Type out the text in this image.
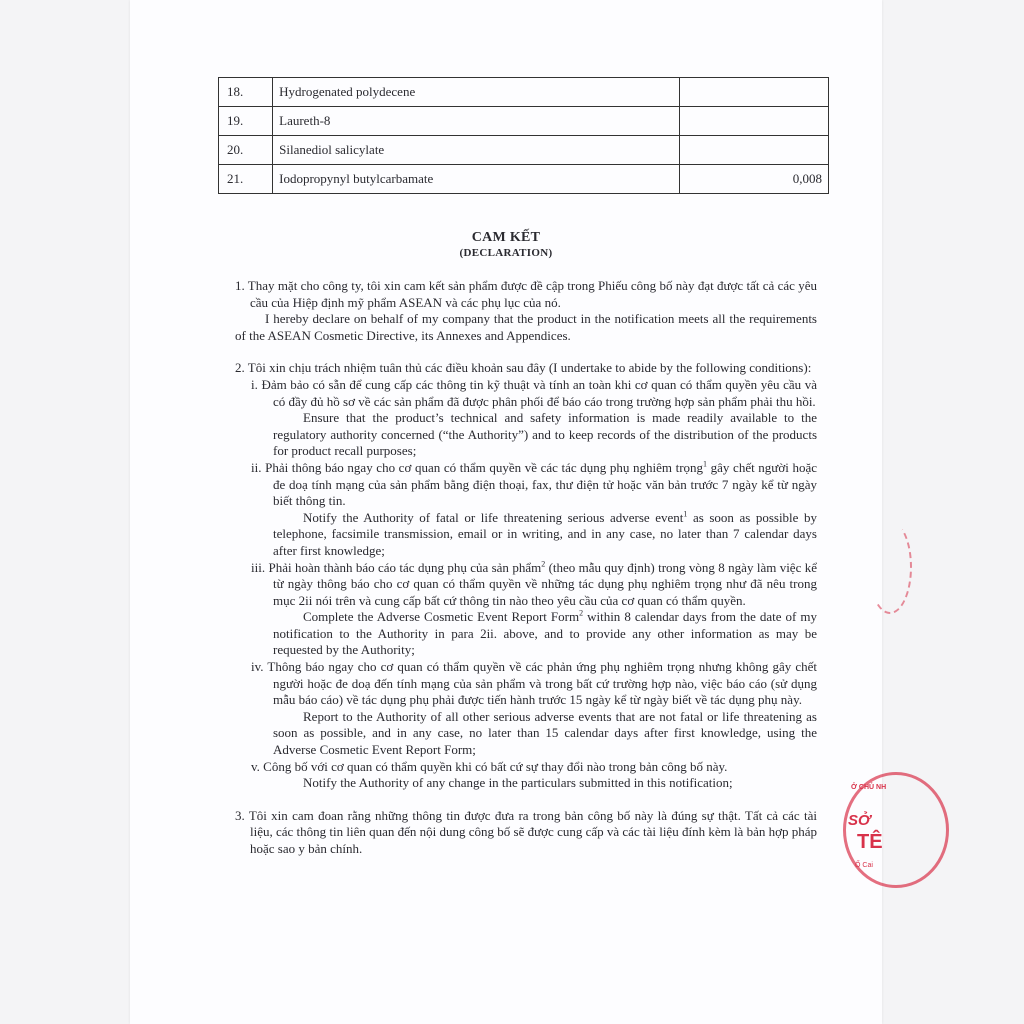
18.	Hydrogenated polydecene	
19.	Laureth-8	
20.	Silanediol salicylate	
21.	Iodopropynyl butylcarbamate	0,008
CAM KẾT
(DECLARATION)

1. Thay mặt cho công ty, tôi xin cam kết sản phẩm được đề cập trong Phiếu công bố này đạt được tất cả các yêu cầu của Hiệp định mỹ phẩm ASEAN và các phụ lục của nó.

I hereby declare on behalf of my company that the product in the notification meets all the requirements of the ASEAN Cosmetic Directive, its Annexes and Appendices.

2. Tôi xin chịu trách nhiệm tuân thủ các điều khoản sau đây (I undertake to abide by the following conditions):

i. Đảm bảo có sẵn để cung cấp các thông tin kỹ thuật và tính an toàn khi cơ quan có thẩm quyền yêu cầu và có đầy đủ hồ sơ về các sản phẩm đã được phân phối để báo cáo trong trường hợp sản phẩm phải thu hồi.

Ensure that the product’s technical and safety information is made readily available to the regulatory authority concerned (“the Authority”) and to keep records of the distribution of the products for product recall purposes;

ii. Phải thông báo ngay cho cơ quan có thẩm quyền về các tác dụng phụ nghiêm trọng$^1$ gây chết người hoặc đe doạ tính mạng của sản phẩm bằng điện thoại, fax, thư điện tử hoặc văn bản trước 7 ngày kể từ ngày biết thông tin.

Notify the Authority of fatal or life threatening serious adverse event$^1$ as soon as possible by telephone, facsimile transmission, email or in writing, and in any case, no later than 7 calendar days after first knowledge;

iii. Phải hoàn thành báo cáo tác dụng phụ của sản phẩm$^2$ (theo mẫu quy định) trong vòng 8 ngày làm việc kể từ ngày thông báo cho cơ quan có thẩm quyền về những tác dụng phụ nghiêm trọng như đã nêu trong mục 2ii nói trên và cung cấp bất cứ thông tin nào theo yêu cầu của cơ quan có thẩm quyền.

Complete the Adverse Cosmetic Event Report Form$^2$ within 8 calendar days from the date of my notification to the Authority in para 2ii. above, and to provide any other information as may be requested by the Authority;

iv. Thông báo ngay cho cơ quan có thẩm quyền về các phản ứng phụ nghiêm trọng nhưng không gây chết người hoặc đe doạ đến tính mạng của sản phẩm và trong bất cứ trường hợp nào, việc báo cáo (sử dụng mẫu báo cáo) về tác dụng phụ phải được tiến hành trước 15 ngày kể từ ngày biết về tác dụng phụ này.

Report to the Authority of all other serious adverse events that are not fatal or life threatening as soon as possible, and in any case, no later than 15 calendar days after first knowledge, using the Adverse Cosmetic Event Report Form;

v. Công bố với cơ quan có thẩm quyền khi có bất cứ sự thay đổi nào trong bản công bố này.

Notify the Authority of any change in the particulars submitted in this notification;

3. Tôi xin cam đoan rằng những thông tin được đưa ra trong bản công bố này là đúng sự thật. Tất cả các tài liệu, các thông tin liên quan đến nội dung công bố sẽ được cung cấp và các tài liệu đính kèm là bản hợp pháp hoặc sao y bản chính.

Ở CHỦ NH
SỞ
TÊ
Ố Cai
